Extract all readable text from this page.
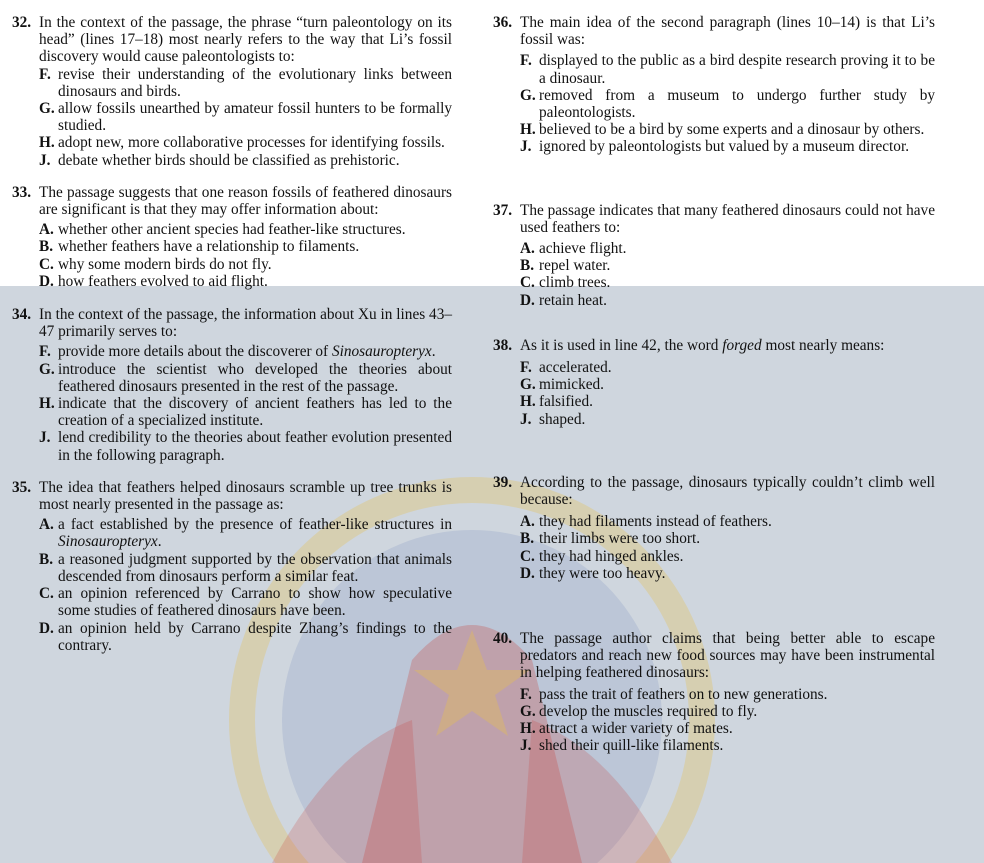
32. In the context of the passage, the phrase “turn paleontology on its head” (lines 17–18) most nearly refers to the way that Li’s fossil discovery would cause paleontologists to:
F. revise their understanding of the evolutionary links between dinosaurs and birds.
G. allow fossils unearthed by amateur fossil hunters to be formally studied.
H. adopt new, more collaborative processes for identifying fossils.
J. debate whether birds should be classified as prehistoric.
33. The passage suggests that one reason fossils of feathered dinosaurs are significant is that they may offer information about:
A. whether other ancient species had feather-like structures.
B. whether feathers have a relationship to filaments.
C. why some modern birds do not fly.
D. how feathers evolved to aid flight.
34. In the context of the passage, the information about Xu in lines 43–47 primarily serves to:
F. provide more details about the discoverer of Sinosauropteryx.
G. introduce the scientist who developed the theories about feathered dinosaurs presented in the rest of the passage.
H. indicate that the discovery of ancient feathers has led to the creation of a specialized institute.
J. lend credibility to the theories about feather evolution presented in the following paragraph.
35. The idea that feathers helped dinosaurs scramble up tree trunks is most nearly presented in the passage as:
A. a fact established by the presence of feather-like structures in Sinosauropteryx.
B. a reasoned judgment supported by the observation that animals descended from dinosaurs perform a similar feat.
C. an opinion referenced by Carrano to show how speculative some studies of feathered dinosaurs have been.
D. an opinion held by Carrano despite Zhang’s findings to the contrary.
36. The main idea of the second paragraph (lines 10–14) is that Li’s fossil was:
F. displayed to the public as a bird despite research proving it to be a dinosaur.
G. removed from a museum to undergo further study by paleontologists.
H. believed to be a bird by some experts and a dinosaur by others.
J. ignored by paleontologists but valued by a museum director.
37. The passage indicates that many feathered dinosaurs could not have used feathers to:
A. achieve flight.
B. repel water.
C. climb trees.
D. retain heat.
38. As it is used in line 42, the word forged most nearly means:
F. accelerated.
G. mimicked.
H. falsified.
J. shaped.
39. According to the passage, dinosaurs typically couldn’t climb well because:
A. they had filaments instead of feathers.
B. their limbs were too short.
C. they had hinged ankles.
D. they were too heavy.
40. The passage author claims that being better able to escape predators and reach new food sources may have been instrumental in helping feathered dinosaurs:
F. pass the trait of feathers on to new generations.
G. develop the muscles required to fly.
H. attract a wider variety of mates.
J. shed their quill-like filaments.
